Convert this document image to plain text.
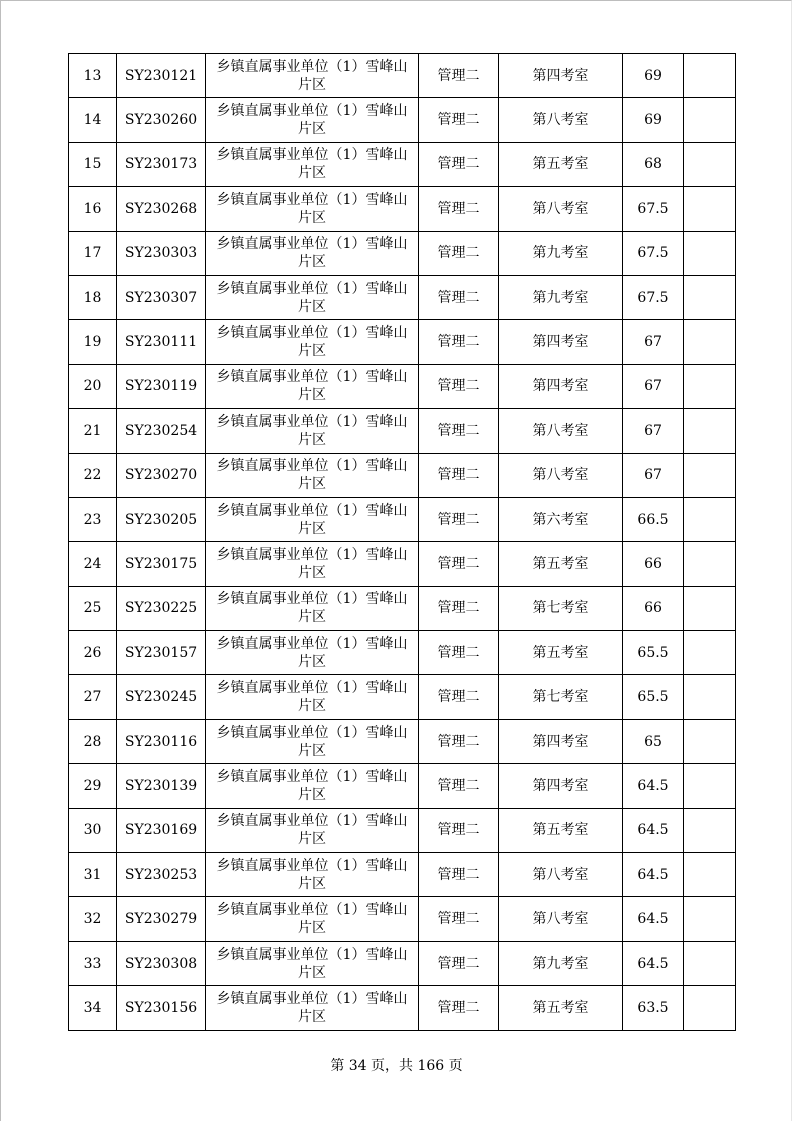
13	SY230121	乡镇直属事业单位（1）雪峰山片区	管理二	第四考室	69	
14	SY230260	乡镇直属事业单位（1）雪峰山片区	管理二	第八考室	69	
15	SY230173	乡镇直属事业单位（1）雪峰山片区	管理二	第五考室	68	
16	SY230268	乡镇直属事业单位（1）雪峰山片区	管理二	第八考室	67.5	
17	SY230303	乡镇直属事业单位（1）雪峰山片区	管理二	第九考室	67.5	
18	SY230307	乡镇直属事业单位（1）雪峰山片区	管理二	第九考室	67.5	
19	SY230111	乡镇直属事业单位（1）雪峰山片区	管理二	第四考室	67	
20	SY230119	乡镇直属事业单位（1）雪峰山片区	管理二	第四考室	67	
21	SY230254	乡镇直属事业单位（1）雪峰山片区	管理二	第八考室	67	
22	SY230270	乡镇直属事业单位（1）雪峰山片区	管理二	第八考室	67	
23	SY230205	乡镇直属事业单位（1）雪峰山片区	管理二	第六考室	66.5	
24	SY230175	乡镇直属事业单位（1）雪峰山片区	管理二	第五考室	66	
25	SY230225	乡镇直属事业单位（1）雪峰山片区	管理二	第七考室	66	
26	SY230157	乡镇直属事业单位（1）雪峰山片区	管理二	第五考室	65.5	
27	SY230245	乡镇直属事业单位（1）雪峰山片区	管理二	第七考室	65.5	
28	SY230116	乡镇直属事业单位（1）雪峰山片区	管理二	第四考室	65	
29	SY230139	乡镇直属事业单位（1）雪峰山片区	管理二	第四考室	64.5	
30	SY230169	乡镇直属事业单位（1）雪峰山片区	管理二	第五考室	64.5	
31	SY230253	乡镇直属事业单位（1）雪峰山片区	管理二	第八考室	64.5	
32	SY230279	乡镇直属事业单位（1）雪峰山片区	管理二	第八考室	64.5	
33	SY230308	乡镇直属事业单位（1）雪峰山片区	管理二	第九考室	64.5	
34	SY230156	乡镇直属事业单位（1）雪峰山片区	管理二	第五考室	63.5	
第 34 页，共 166 页
